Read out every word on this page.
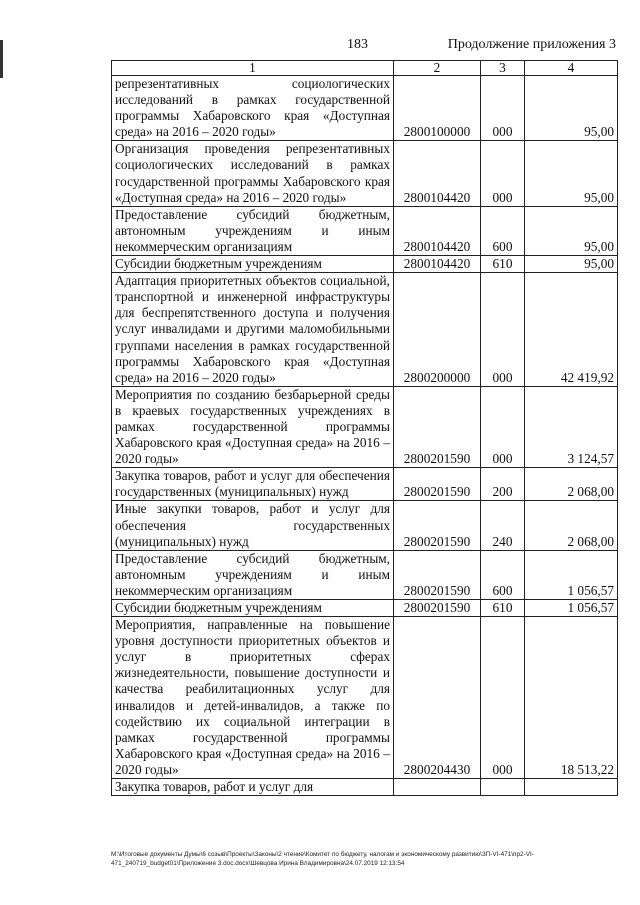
183	Продолжение приложения 3
1	2	3	4
репрезентативных социологических исследований в рамках государственной программы Хабаровского края «Доступная среда» на 2016 – 2020 годы»	2800100000	000	95,00
Организация проведения репрезентативных социологических исследований в рамках государственной программы Хабаровского края «Доступная среда» на 2016 – 2020 годы»	2800104420	000	95,00
Предоставление субсидий бюджетным, автономным учреждениям и иным некоммерческим организациям	2800104420	600	95,00
Субсидии бюджетным учреждениям	2800104420	610	95,00
Адаптация приоритетных объектов социальной, транспортной и инженерной инфраструктуры для беспрепятственного доступа и получения услуг инвалидами и другими маломобильными группами населения в рамках государственной программы Хабаровского края «Доступная среда» на 2016 – 2020 годы»	2800200000	000	42 419,92
Мероприятия по созданию безбарьерной среды в краевых государственных учреждениях в рамках государственной программы Хабаровского края «Доступная среда» на 2016 – 2020 годы»	2800201590	000	3 124,57
Закупка товаров, работ и услуг для обеспечения государственных (муниципальных) нужд	2800201590	200	2 068,00
Иные закупки товаров, работ и услуг для обеспечения государственных (муниципальных) нужд	2800201590	240	2 068,00
Предоставление субсидий бюджетным, автономным учреждениям и иным некоммерческим организациям	2800201590	600	1 056,57
Субсидии бюджетным учреждениям	2800201590	610	1 056,57
Мероприятия, направленные на повышение уровня доступности приоритетных объектов и услуг в приоритетных сферах жизнедеятельности, повышение доступности и качества реабилитационных услуг для инвалидов и детей-инвалидов, а также по содействию их социальной интеграции в рамках государственной программы Хабаровского края «Доступная среда» на 2016 – 2020 годы»	2800204430	000	18 513,22
Закупка товаров, работ и услуг для			
М:\Итоговые документы Думы\6 созыв\Проекты\Законы\2 чтение\Комитет по бюджету, налогам и экономическому развитию\ЗП-VI-471\пр2-VI-471_240719_budget01\Приложение 3.doc.docx\Шевцова Ирина Владимировна\24.07.2019 12:13:54
